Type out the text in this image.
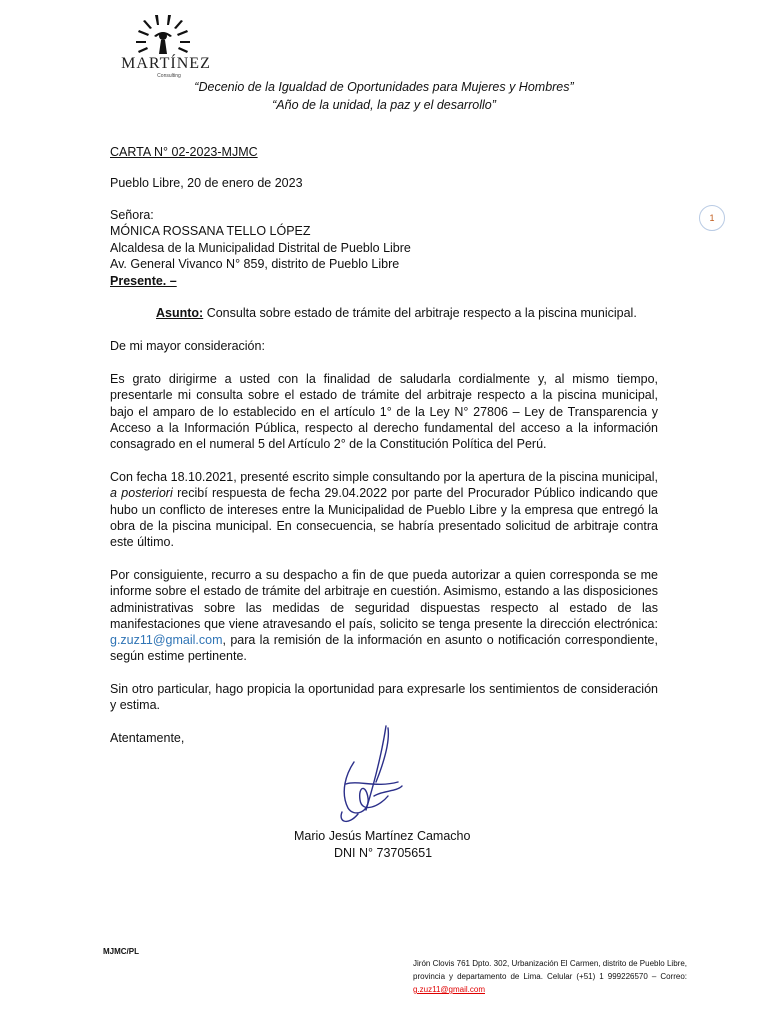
MARTÍNEZ
Consulting
“Decenio de la Igualdad de Oportunidades para Mujeres y Hombres”
“Año de la unidad, la paz y el desarrollo”
CARTA N° 02-2023-MJMC
Pueblo Libre, 20 de enero de 2023
Señora:
MÓNICA ROSSANA TELLO LÓPEZ
Alcaldesa de la Municipalidad Distrital de Pueblo Libre
Av. General Vivanco N° 859, distrito de Pueblo Libre
Presente. –
Asunto: Consulta sobre estado de trámite del arbitraje respecto a la piscina municipal.
De mi mayor consideración:

Es grato dirigirme a usted con la finalidad de saludarla cordialmente y, al mismo tiempo, presentarle mi consulta sobre el estado de trámite del arbitraje respecto a la piscina municipal, bajo el amparo de lo establecido en el artículo 1° de la Ley N° 27806 – Ley de Transparencia y Acceso a la Información Pública, respecto al derecho fundamental del acceso a la información consagrado en el numeral 5 del Artículo 2° de la Constitución Política del Perú.

Con fecha 18.10.2021, presenté escrito simple consultando por la apertura de la piscina municipal, a posteriori recibí respuesta de fecha 29.04.2022 por parte del Procurador Público indicando que hubo un conflicto de intereses entre la Municipalidad de Pueblo Libre y la empresa que entregó la obra de la piscina municipal. En consecuencia, se habría presentado solicitud de arbitraje contra este último.

Por consiguiente, recurro a su despacho a fin de que pueda autorizar a quien corresponda se me informe sobre el estado de trámite del arbitraje en cuestión. Asimismo, estando a las disposiciones administrativas sobre las medidas de seguridad dispuestas respecto al estado de las manifestaciones que viene atravesando el país, solicito se tenga presente la dirección electrónica: g.zuz11@gmail.com, para la remisión de la información en asunto o notificación correspondiente, según estime pertinente.

Sin otro particular, hago propicia la oportunidad para expresarle los sentimientos de consideración y estima.

Atentamente,
Mario Jesús Martínez Camacho
DNI N° 73705651
1
MJMC/PL
Jirón Clovis 761 Dpto. 302, Urbanización El Carmen, distrito de Pueblo Libre, provincia y departamento de Lima. Celular (+51) 1 999226570 – Correo: g.zuz11@gmail.com
